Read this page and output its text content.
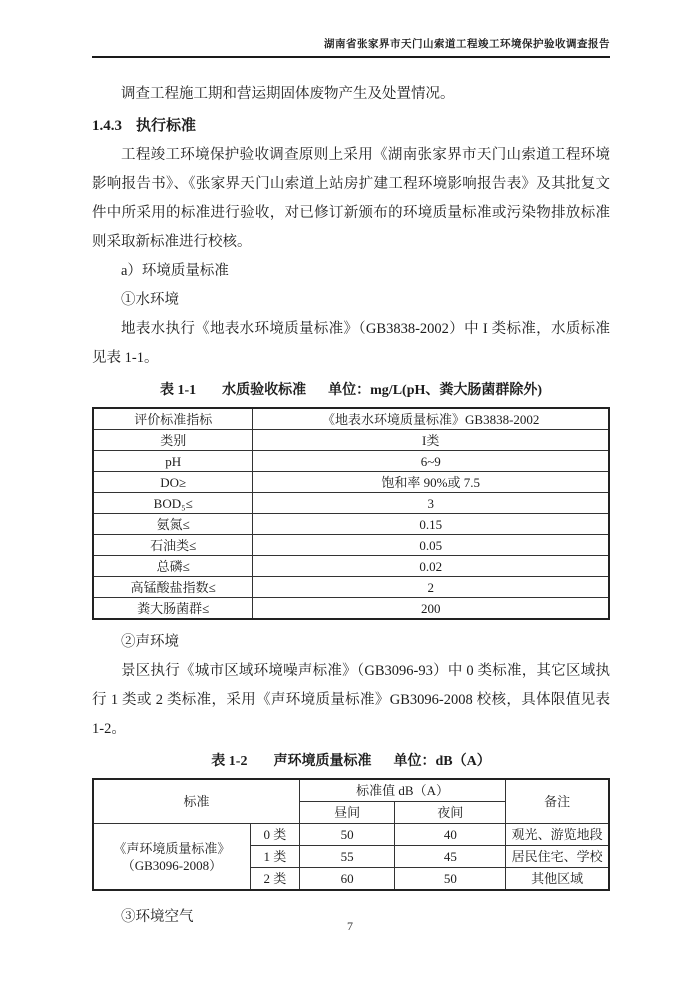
湖南省张家界市天门山索道工程竣工环境保护验收调查报告

调查工程施工期和营运期固体废物产生及处置情况。

1.4.3 执行标准

工程竣工环境保护验收调查原则上采用《湖南张家界市天门山索道工程环境影响报告书》、《张家界天门山索道上站房扩建工程环境影响报告表》及其批复文件中所采用的标准进行验收，对已修订新颁布的环境质量标准或污染物排放标准则采取新标准进行校核。

a）环境质量标准

①水环境

地表水执行《地表水环境质量标准》（GB3838-2002）中 I 类标准，水质标准见表 1-1。

表 1-1 水质验收标准 单位：mg/L(pH、粪大肠菌群除外)
评价标准指标	《地表水环境质量标准》GB3838-2002
类别	I类
pH	6~9
DO≥	饱和率 90%或 7.5
BOD₅≤	3
氨氮≤	0.15
石油类≤	0.05
总磷≤	0.02
高锰酸盐指数≤	2
粪大肠菌群≤	200

②声环境

景区执行《城市区域环境噪声标准》（GB3096-93）中 0 类标准，其它区域执行 1 类或 2 类标准，采用《声环境质量标准》GB3096-2008 校核，具体限值见表 1-2。

表 1-2 声环境质量标准 单位：dB（A）
标准		标准值 dB（A）		备注
		昼间	夜间	
《声环境质量标准》
（GB3096-2008）	0 类	50	40	观光、游览地段
	1 类	55	45	居民住宅、学校
	2 类	60	50	其他区域

③环境空气

7
